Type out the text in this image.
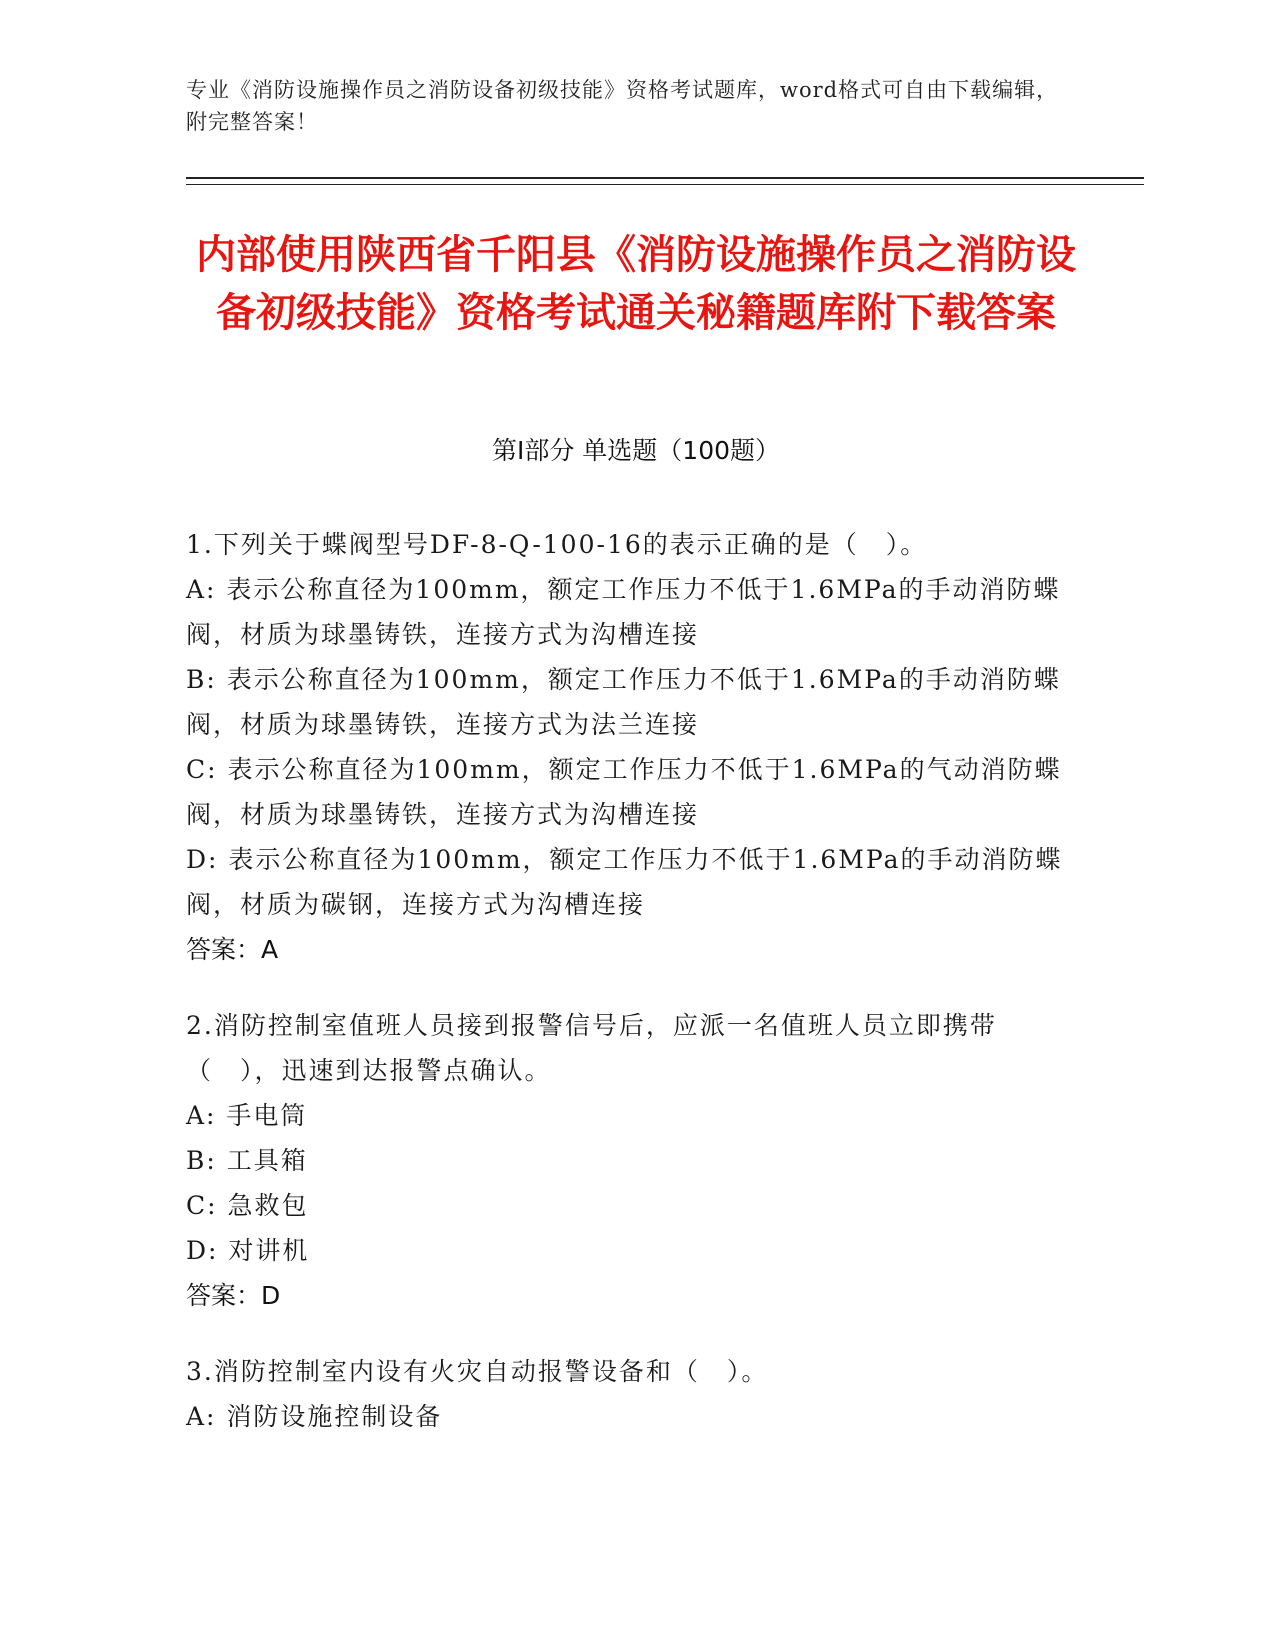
专业《消防设施操作员之消防设备初级技能》资格考试题库，word格式可自由下载编辑，附完整答案！
内部使用陕西省千阳县《消防设施操作员之消防设备初级技能》资格考试通关秘籍题库附下载答案
第Ⅰ部分 单选题（100题）
1.下列关于蝶阀型号DF-8-Q-100-16的表示正确的是（　）。
A: 表示公称直径为100mm，额定工作压力不低于1.6MPa的手动消防蝶阀，材质为球墨铸铁，连接方式为沟槽连接
B: 表示公称直径为100mm，额定工作压力不低于1.6MPa的手动消防蝶阀，材质为球墨铸铁，连接方式为法兰连接
C: 表示公称直径为100mm，额定工作压力不低于1.6MPa的气动消防蝶阀，材质为球墨铸铁，连接方式为沟槽连接
D: 表示公称直径为100mm，额定工作压力不低于1.6MPa的手动消防蝶阀，材质为碳钢，连接方式为沟槽连接
答案：A
2.消防控制室值班人员接到报警信号后，应派一名值班人员立即携带（　），迅速到达报警点确认。
A: 手电筒
B: 工具箱
C: 急救包
D: 对讲机
答案：D
3.消防控制室内设有火灾自动报警设备和（　）。
A: 消防设施控制设备
